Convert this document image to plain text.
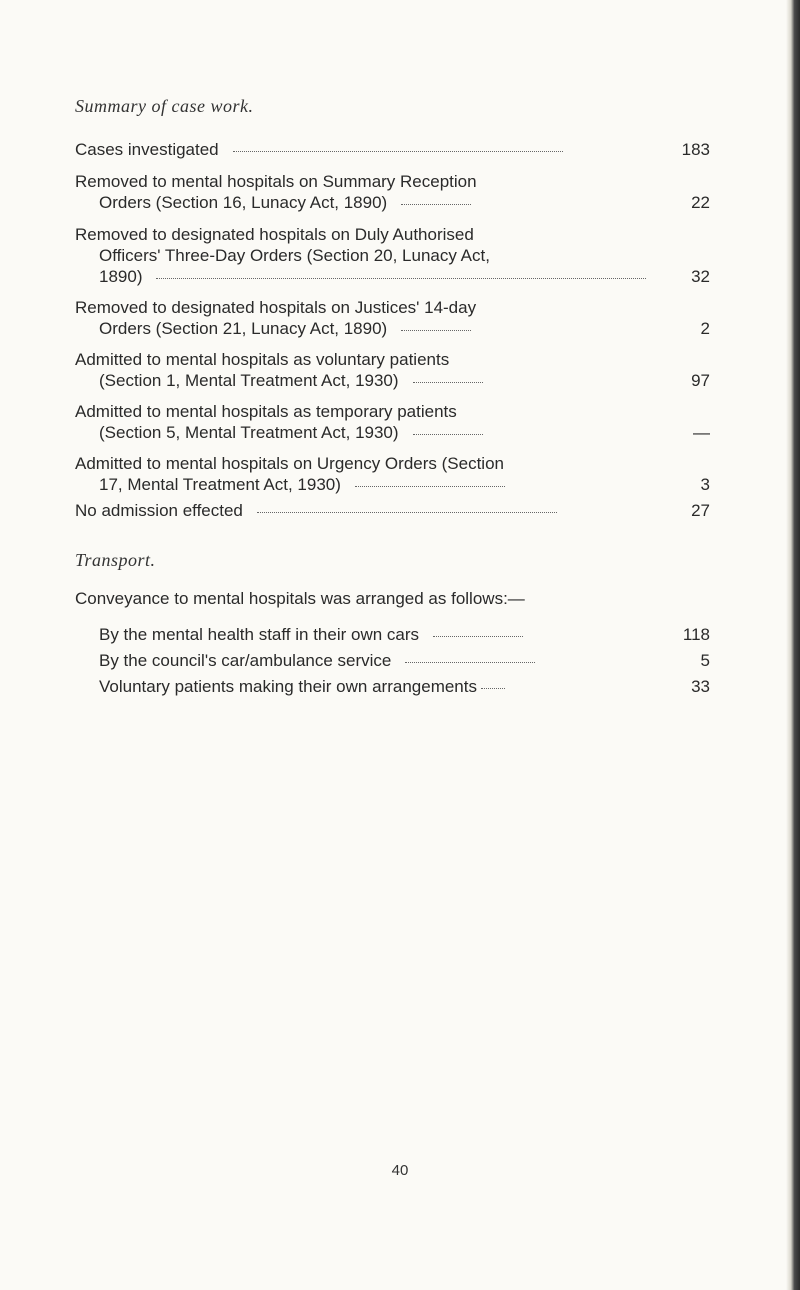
Summary of case work.
Cases investigated	183
Removed to mental hospitals on Summary Reception
Orders (Section 16, Lunacy Act, 1890)	22
Removed to designated hospitals on Duly Authorised
Officers' Three-Day Orders (Section 20, Lunacy Act,
1890)	32
Removed to designated hospitals on Justices' 14-day
Orders (Section 21, Lunacy Act, 1890)	2
Admitted to mental hospitals as voluntary patients
(Section 1, Mental Treatment Act, 1930)	97
Admitted to mental hospitals as temporary patients
(Section 5, Mental Treatment Act, 1930)	—
Admitted to mental hospitals on Urgency Orders (Section
17, Mental Treatment Act, 1930)	3
No admission effected	27
Transport.
Conveyance to mental hospitals was arranged as follows:—
By the mental health staff in their own cars	118
By the council's car/ambulance service	5
Voluntary patients making their own arrangements	33
40
